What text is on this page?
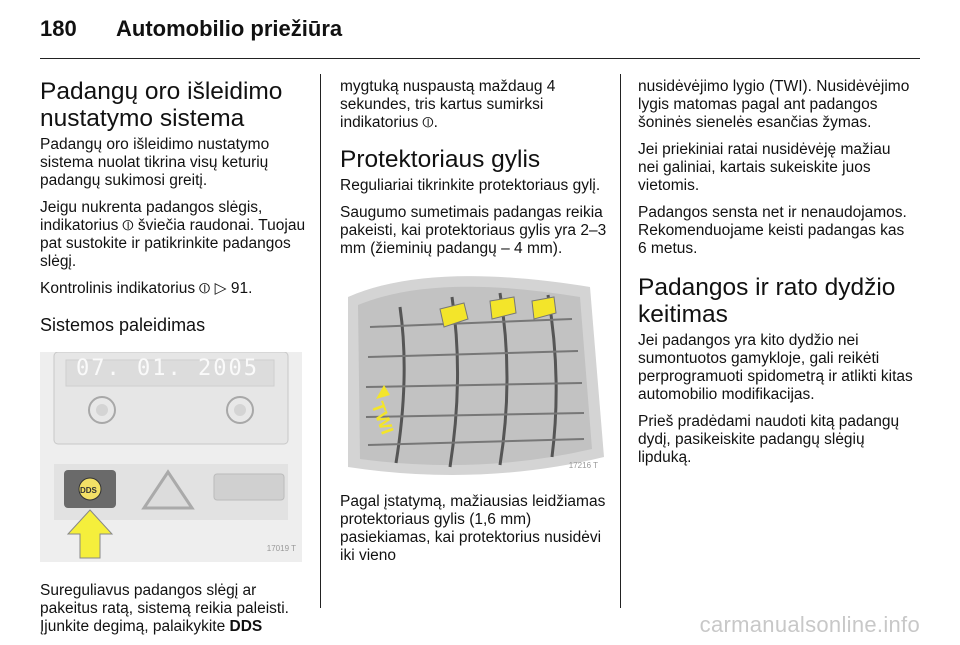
180 Automobilio priežiūra
Padangų oro išleidimo nustatymo sistema

Padangų oro išleidimo nustatymo sistema nuolat tikrina visų keturių padangų sukimosi greitį.

Jeigu nukrenta padangos slėgis, indikatorius ⦶ šviečia raudonai. Tuojau pat sustokite ir patikrinkite padangos slėgį.

Kontrolinis indikatorius ⦶ ▷ 91.

Sistemos paleidimas
07. 01. 2005
DDS
17019 T

Sureguliavus padangos slėgį ar pakeitus ratą, sistemą reikia paleisti. Įjunkite degimą, palaikykite DDS

mygtuką nuspaustą maždaug 4 sekundes, tris kartus sumirksi indikatorius ⦶.

Protektoriaus gylis

Reguliariai tikrinkite protektoriaus gylį.

Saugumo sumetimais padangas reikia pakeisti, kai protektoriaus gylis yra 2–3 mm (žieminių padangų – 4 mm).

TWI
17216 T

Pagal įstatymą, mažiausias leidžiamas protektoriaus gylis (1,6 mm) pasiekiamas, kai protektorius nusidėvi iki vieno

nusidėvėjimo lygio (TWI). Nusidėvėjimo lygis matomas pagal ant padangos šoninės sienelės esančias žymas.

Jei priekiniai ratai nusidėvėję mažiau nei galiniai, kartais sukeiskite juos vietomis.

Padangos sensta net ir nenaudojamos. Rekomenduojame keisti padangas kas 6 metus.

Padangos ir rato dydžio keitimas

Jei padangos yra kito dydžio nei sumontuotos gamykloje, gali reikėti perprogramuoti spidometrą ir atlikti kitas automobilio modifikacijas.

Prieš pradėdami naudoti kitą padangų dydį, pasikeiskite padangų slėgių lipduką.

carmanualsonline.info
